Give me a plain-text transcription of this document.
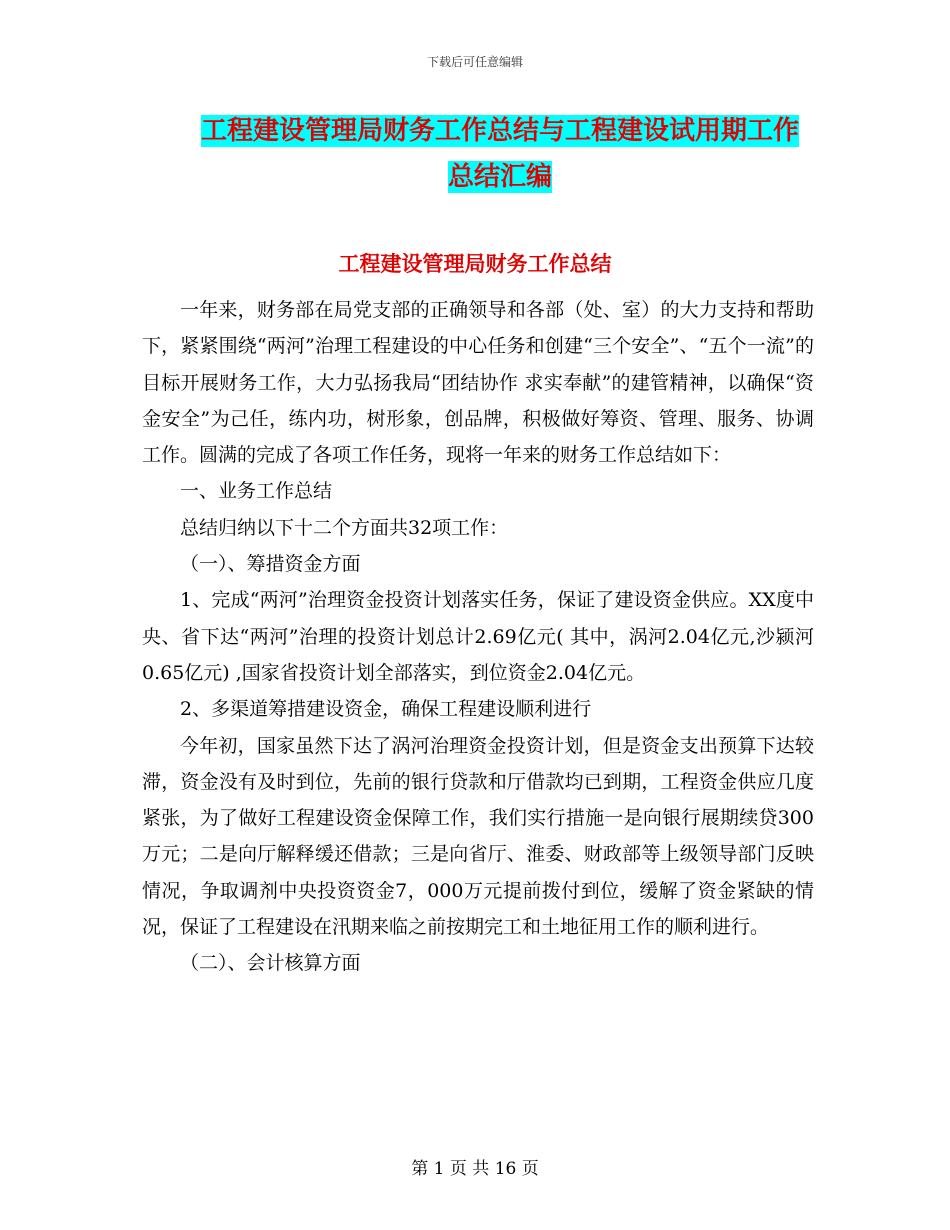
下载后可任意编辑
工程建设管理局财务工作总结与工程建设试用期工作
总结汇编
工程建设管理局财务工作总结

一年来，财务部在局党支部的正确领导和各部（处、室）的大力支持和帮助下，紧紧围绕“两河”治理工程建设的中心任务和创建“三个安全”、“五个一流”的目标开展财务工作，大力弘扬我局“团结协作 求实奉献”的建管精神，以确保“资金安全”为己任，练内功，树形象，创品牌，积极做好筹资、管理、服务、协调工作。圆满的完成了各项工作任务，现将一年来的财务工作总结如下：

一、业务工作总结

总结归纳以下十二个方面共32项工作：

（一）、筹措资金方面

1、完成“两河”治理资金投资计划落实任务，保证了建设资金供应。XX度中央、省下达“两河”治理的投资计划总计2.69亿元( 其中，涡河2.04亿元,沙颍河0.65亿元) ,国家省投资计划全部落实，到位资金2.04亿元。

2、多渠道筹措建设资金，确保工程建设顺利进行

今年初，国家虽然下达了涡河治理资金投资计划，但是资金支出预算下达较滞，资金没有及时到位，先前的银行贷款和厅借款均已到期，工程资金供应几度紧张，为了做好工程建设资金保障工作，我们实行措施一是向银行展期续贷300万元；二是向厅解释缓还借款；三是向省厅、淮委、财政部等上级领导部门反映情况，争取调剂中央投资资金7，000万元提前拨付到位，缓解了资金紧缺的情况，保证了工程建设在汛期来临之前按期完工和土地征用工作的顺利进行。

（二）、会计核算方面

第 1 页 共 16 页
